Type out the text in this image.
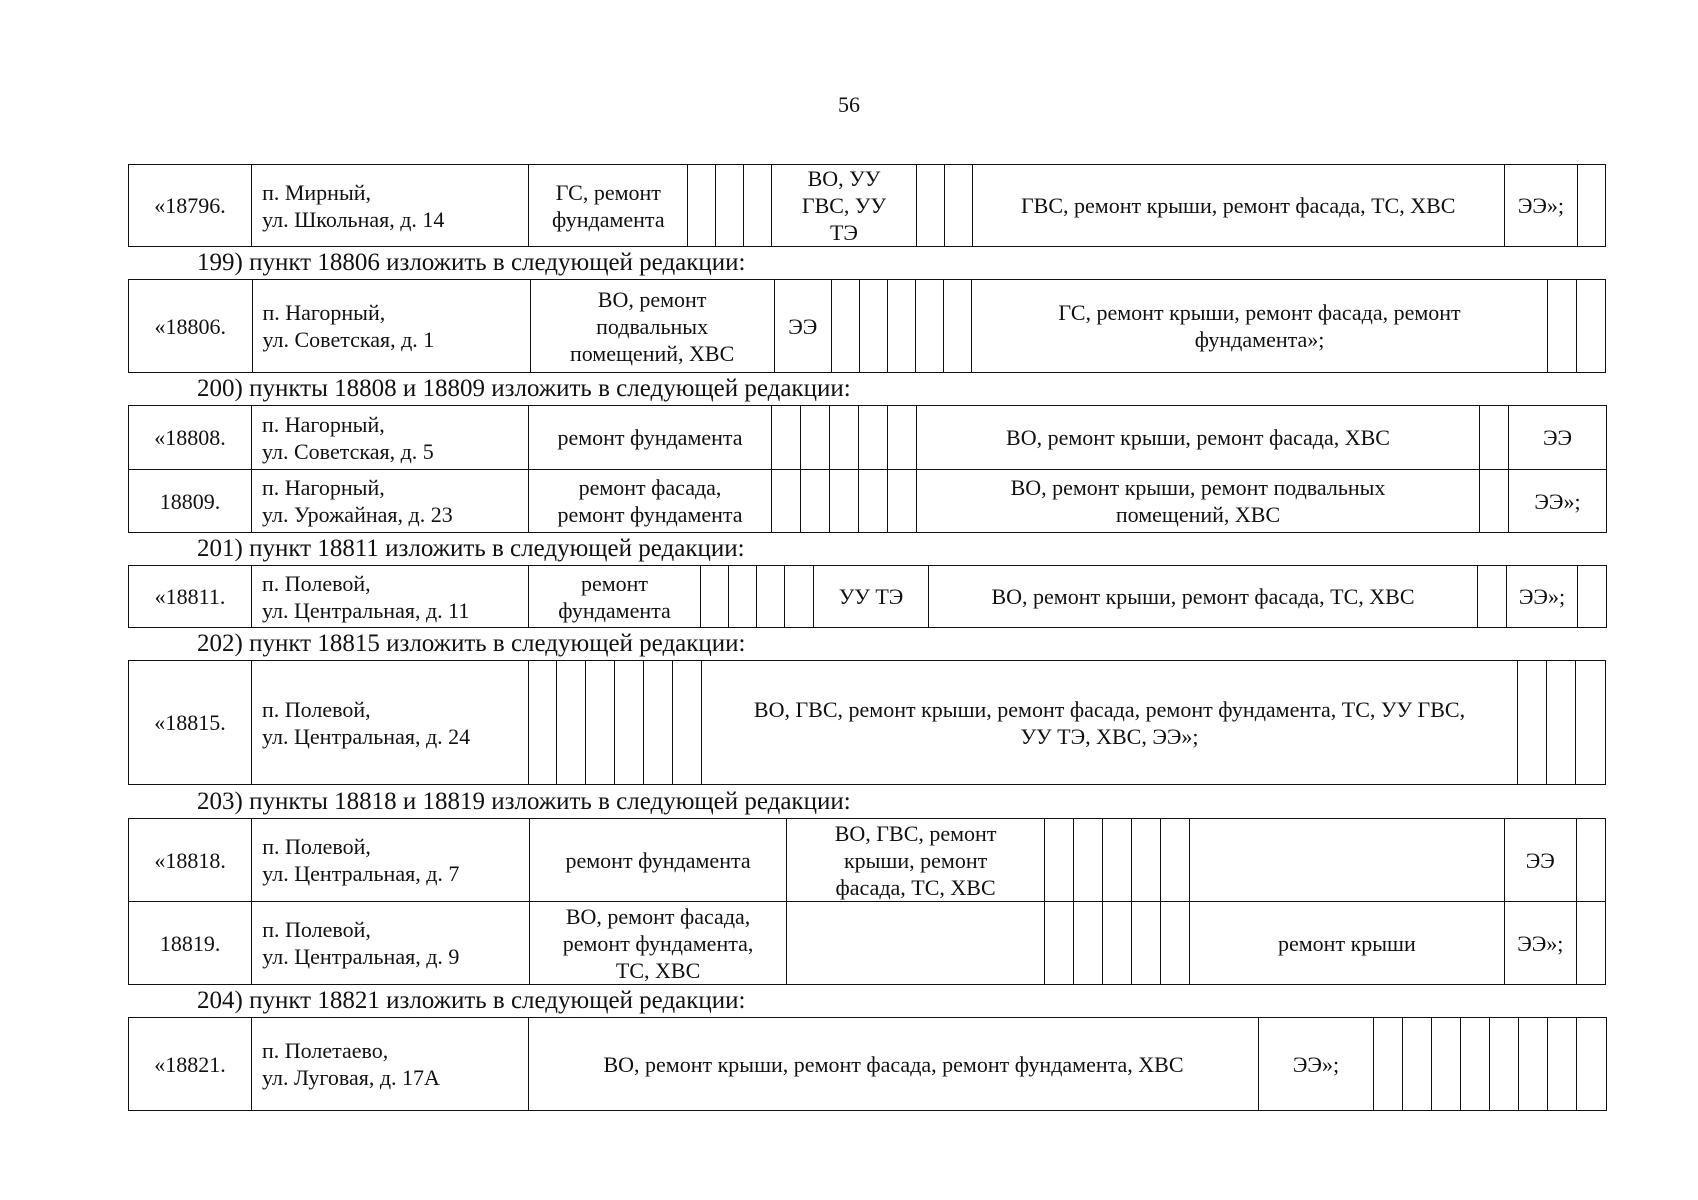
56
«18796.	п. Мирный,
ул. Школьная, д. 14	ГС, ремонт
фундамента				ВО, УУ
ГВС, УУ
ТЭ			ГВС, ремонт крыши, ремонт фасада, ТС, ХВС	ЭЭ»;	
199) пункт 18806 изложить в следующей редакции:
«18806.	п. Нагорный,
ул. Советская, д. 1	ВО, ремонт
подвальных
помещений, ХВС	ЭЭ						ГС, ремонт крыши, ремонт фасада, ремонт
фундамента»;		
200) пункты 18808 и 18809 изложить в следующей редакции:
«18808.	п. Нагорный,
ул. Советская, д. 5	ремонт фундамента						ВО, ремонт крыши, ремонт фасада, ХВС		ЭЭ
18809.	п. Нагорный,
ул. Урожайная, д. 23	ремонт фасада,
ремонт фундамента						ВО, ремонт крыши, ремонт подвальных
помещений, ХВС		ЭЭ»;
201) пункт 18811 изложить в следующей редакции:
«18811.	п. Полевой,
ул. Центральная, д. 11	ремонт
фундамента					УУ ТЭ	ВО, ремонт крыши, ремонт фасада, ТС, ХВС		ЭЭ»;	
202) пункт 18815 изложить в следующей редакции:
«18815.	п. Полевой,
ул. Центральная, д. 24							ВО, ГВС, ремонт крыши, ремонт фасада, ремонт фундамента, ТС, УУ ГВС,
УУ ТЭ, ХВС, ЭЭ»;			
203) пункты 18818 и 18819 изложить в следующей редакции:
«18818.	п. Полевой,
ул. Центральная, д. 7	ремонт фундамента	ВО, ГВС, ремонт
крыши, ремонт
фасада, ТС, ХВС							ЭЭ	
18819.	п. Полевой,
ул. Центральная, д. 9	ВО, ремонт фасада,
ремонт фундамента,
ТС, ХВС							ремонт крыши	ЭЭ»;	
204) пункт 18821 изложить в следующей редакции:
«18821.	п. Полетаево,
ул. Луговая, д. 17А	ВО, ремонт крыши, ремонт фасада, ремонт фундамента, ХВС	ЭЭ»;								
